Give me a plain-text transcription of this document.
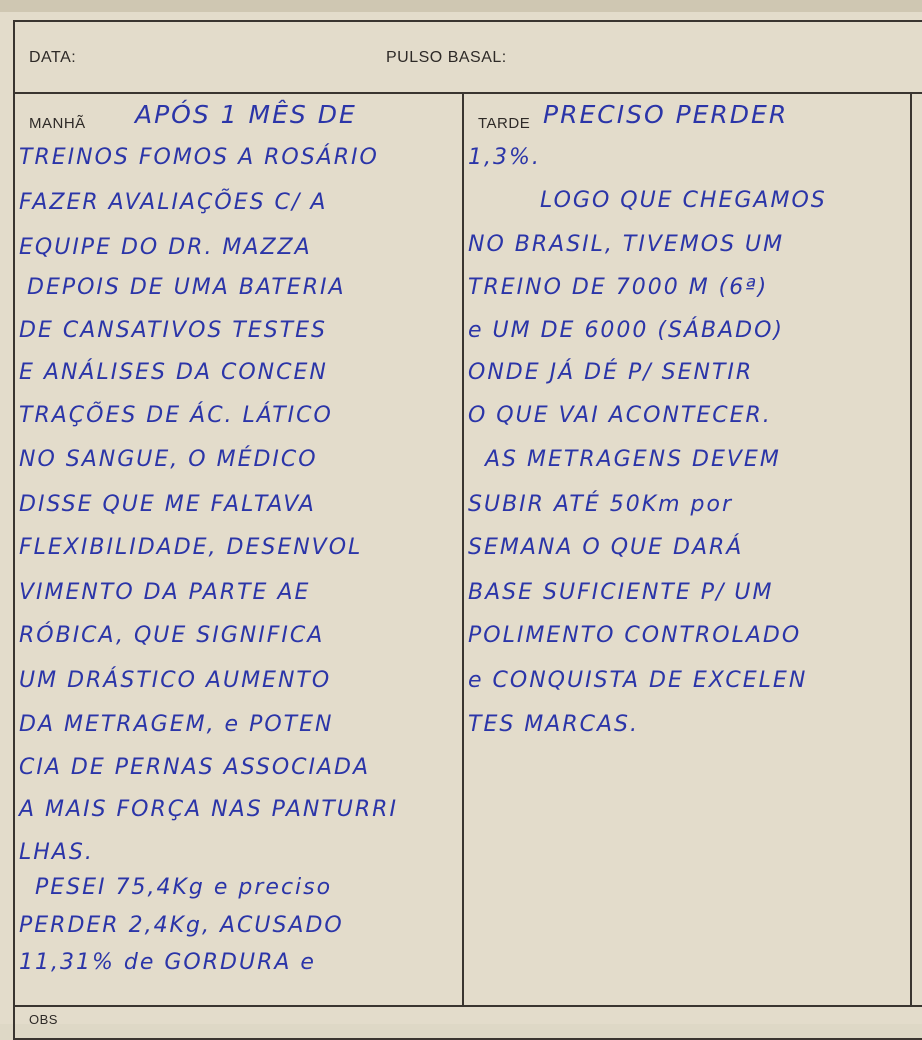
DATA:	PULSO BASAL:
MANHÃ	TARDE
OBS
APÓS 1 MÊS DE
TREINOS FOMOS A ROSÁRIO
FAZER AVALIAÇÕES C/ A
EQUIPE DO DR. MAZZA
DEPOIS DE UMA BATERIA
DE CANSATIVOS TESTES
E ANÁLISES DA CONCEN
TRAÇÕES DE ÁC. LÁTICO
NO SANGUE, O MÉDICO
DISSE QUE ME FALTAVA
FLEXIBILIDADE, DESENVOL
VIMENTO DA PARTE AE
RÓBICA, QUE SIGNIFICA
UM DRÁSTICO AUMENTO
DA METRAGEM, e POTEN
CIA DE PERNAS ASSOCIADA
A MAIS FORÇA NAS PANTURRI
LHAS.
PESEI 75,4Kg e preciso
PERDER 2,4Kg, ACUSADO
11,31% de GORDURA e
PRECISO PERDER
1,3%.
LOGO QUE CHEGAMOS
NO BRASIL, TIVEMOS UM
TREINO DE 7000 M (6ª)
e UM DE 6000 (SÁBADO)
ONDE JÁ DÉ P/ SENTIR
O QUE VAI ACONTECER.
AS METRAGENS DEVEM
SUBIR ATÉ 50Km por
SEMANA O QUE DARÁ
BASE SUFICIENTE P/ UM
POLIMENTO CONTROLADO
e CONQUISTA DE EXCELEN
TES MARCAS.
